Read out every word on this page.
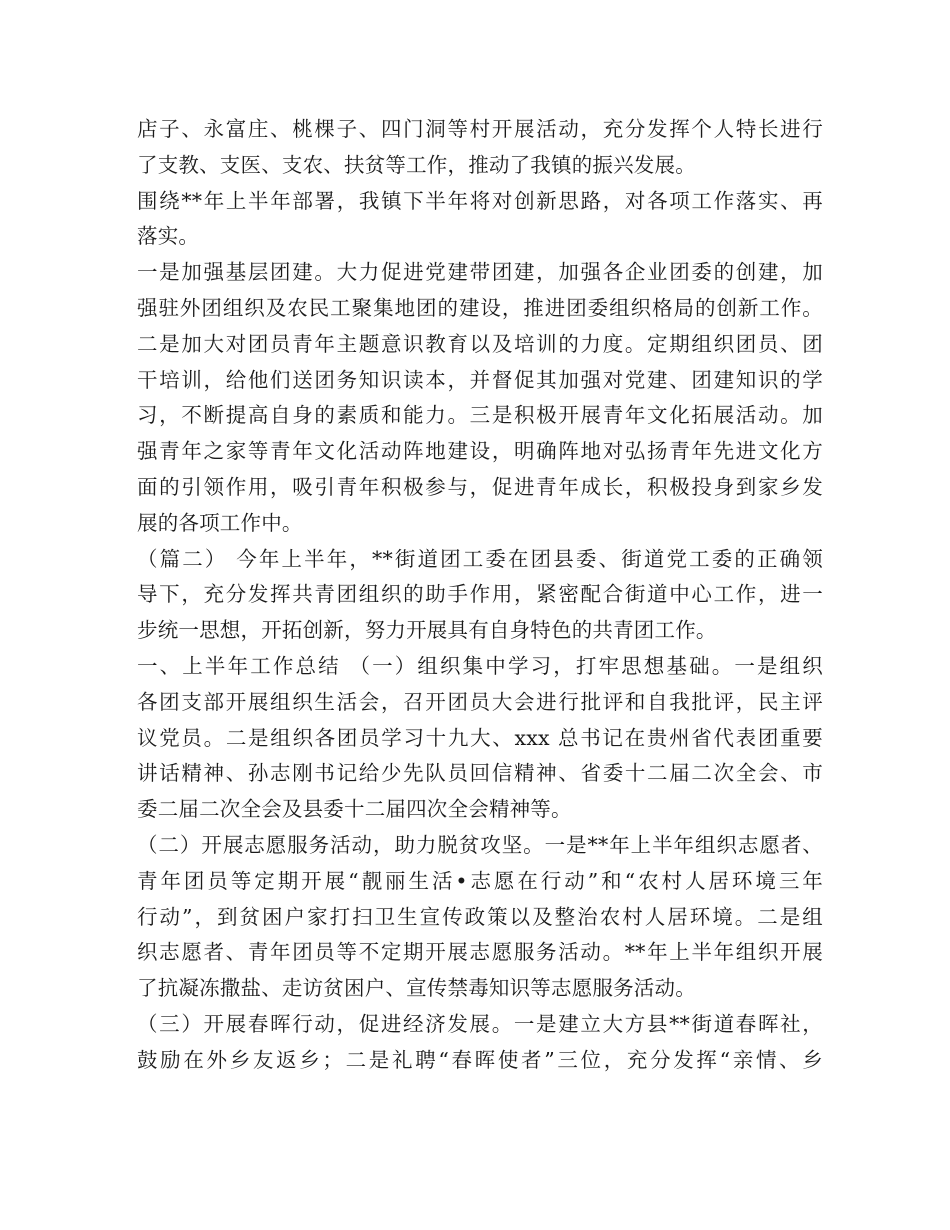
店子、永富庄、桃棵子、四门洞等村开展活动，充分发挥个人特长进行
了支教、支医、支农、扶贫等工作，推动了我镇的振兴发展。
围绕**年上半年部署，我镇下半年将对创新思路，对各项工作落实、再
落实。
一是加强基层团建。大力促进党建带团建，加强各企业团委的创建，加
强驻外团组织及农民工聚集地团的建设，推进团委组织格局的创新工作。
二是加大对团员青年主题意识教育以及培训的力度。定期组织团员、团
干培训，给他们送团务知识读本，并督促其加强对党建、团建知识的学
习，不断提高自身的素质和能力。三是积极开展青年文化拓展活动。加
强青年之家等青年文化活动阵地建设，明确阵地对弘扬青年先进文化方
面的引领作用，吸引青年积极参与，促进青年成长，积极投身到家乡发
展的各项工作中。
（篇二） 今年上半年，**街道团工委在团县委、街道党工委的正确领
导下，充分发挥共青团组织的助手作用，紧密配合街道中心工作，进一
步统一思想，开拓创新，努力开展具有自身特色的共青团工作。
一、上半年工作总结 （一）组织集中学习，打牢思想基础。一是组织
各团支部开展组织生活会，召开团员大会进行批评和自我批评，民主评
议党员。二是组织各团员学习十九大、xxx 总书记在贵州省代表团重要
讲话精神、孙志刚书记给少先队员回信精神、省委十二届二次全会、市
委二届二次全会及县委十二届四次全会精神等。
（二）开展志愿服务活动，助力脱贫攻坚。一是**年上半年组织志愿者、
青年团员等定期开展“靓丽生活•志愿在行动”和“农村人居环境三年
行动”，到贫困户家打扫卫生宣传政策以及整治农村人居环境。二是组
织志愿者、青年团员等不定期开展志愿服务活动。**年上半年组织开展
了抗凝冻撒盐、走访贫困户、宣传禁毒知识等志愿服务活动。
（三）开展春晖行动，促进经济发展。一是建立大方县**街道春晖社，
鼓励在外乡友返乡；二是礼聘“春晖使者”三位，充分发挥“亲情、乡
